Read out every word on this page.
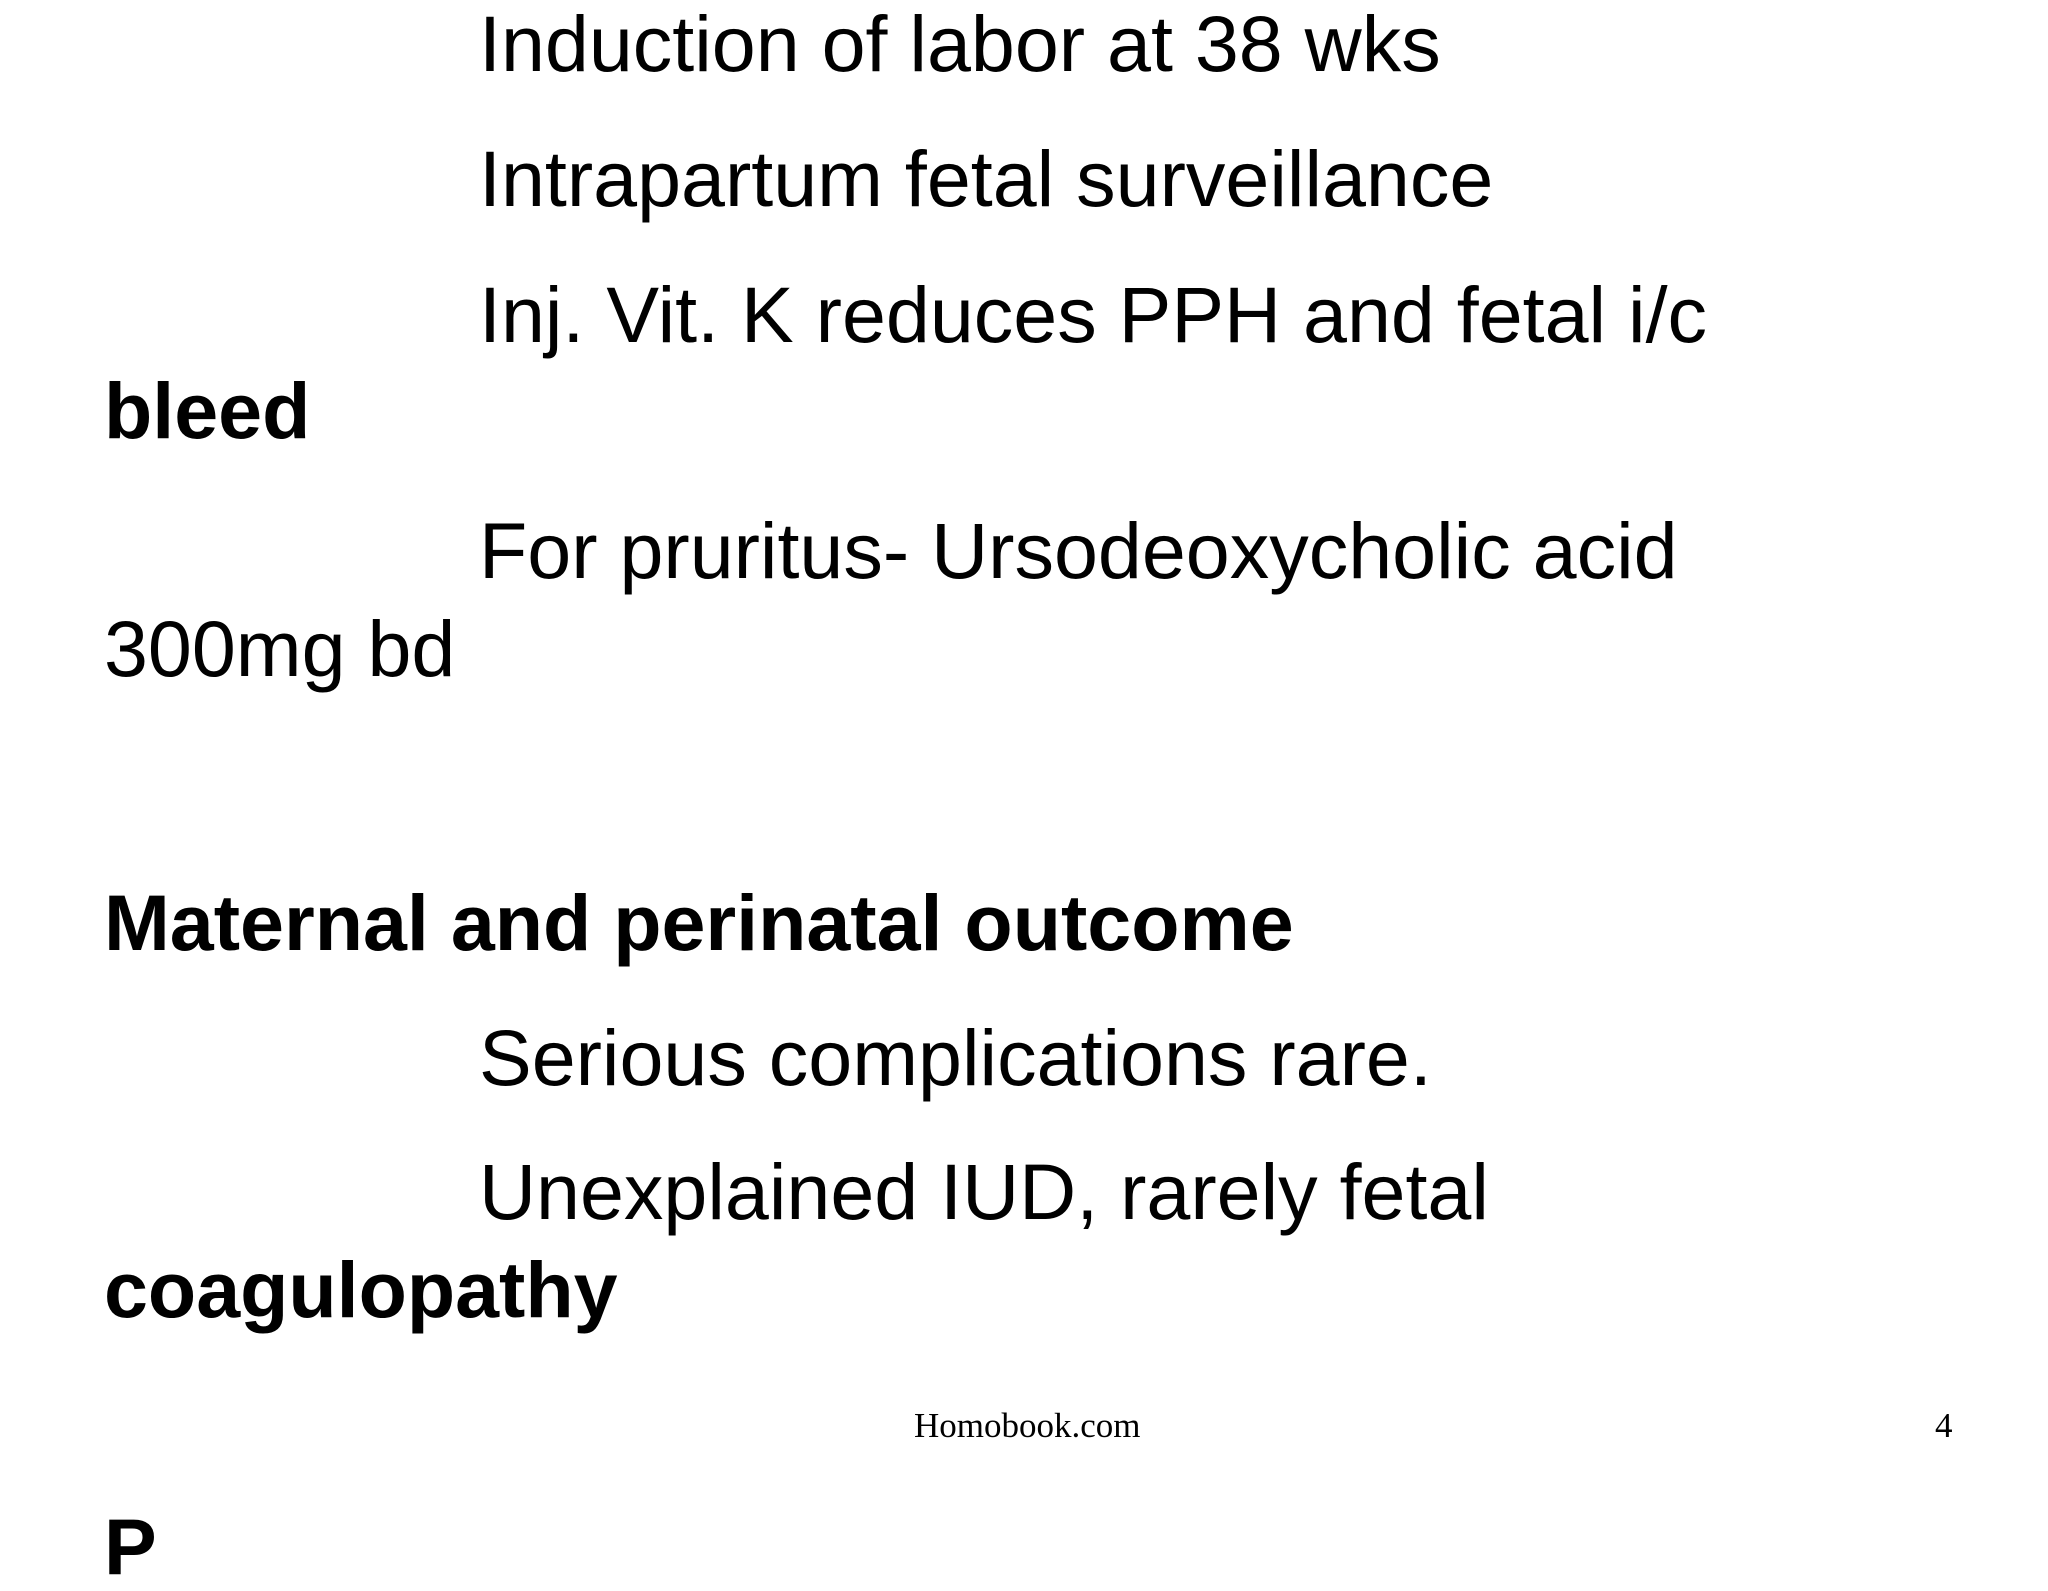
Induction of labor at 38 wks

Intrapartum fetal surveillance

Inj. Vit. K reduces PPH and fetal i/c

bleed

For pruritus- Ursodeoxycholic acid

300mg bd

Maternal and perinatal outcome

Serious complications rare.

Unexplained IUD, rarely fetal

coagulopathy

P

Homobook.com	4
